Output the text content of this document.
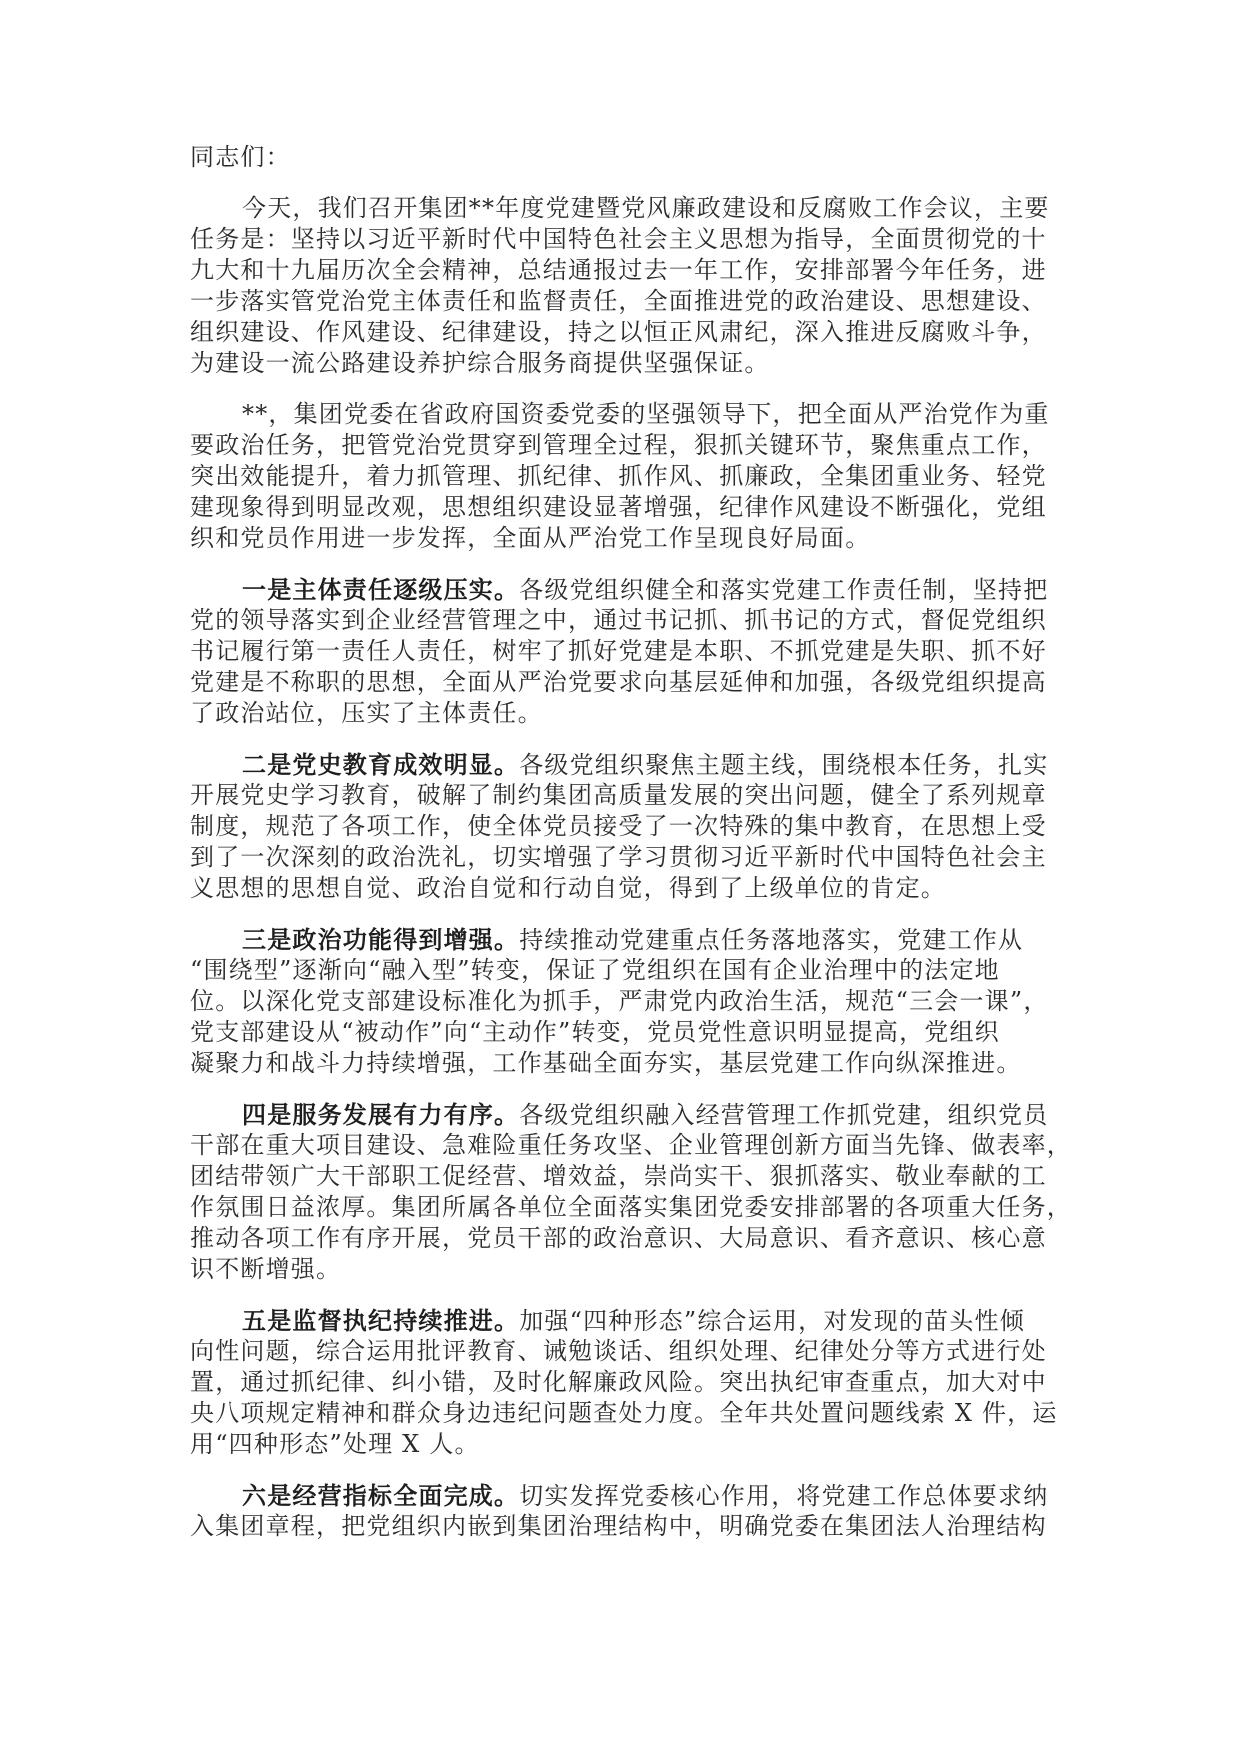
同志们：
今天，我们召开集团**年度党建暨党风廉政建设和反腐败工作会议，主要
任务是：坚持以习近平新时代中国特色社会主义思想为指导，全面贯彻党的十
九大和十九届历次全会精神，总结通报过去一年工作，安排部署今年任务，进
一步落实管党治党主体责任和监督责任，全面推进党的政治建设、思想建设、
组织建设、作风建设、纪律建设，持之以恒正风肃纪，深入推进反腐败斗争，
为建设一流公路建设养护综合服务商提供坚强保证。
**，集团党委在省政府国资委党委的坚强领导下，把全面从严治党作为重
要政治任务，把管党治党贯穿到管理全过程，狠抓关键环节，聚焦重点工作，
突出效能提升，着力抓管理、抓纪律、抓作风、抓廉政，全集团重业务、轻党
建现象得到明显改观，思想组织建设显著增强，纪律作风建设不断强化，党组
织和党员作用进一步发挥，全面从严治党工作呈现良好局面。
一是主体责任逐级压实。各级党组织健全和落实党建工作责任制，坚持把
党的领导落实到企业经营管理之中，通过书记抓、抓书记的方式，督促党组织
书记履行第一责任人责任，树牢了抓好党建是本职、不抓党建是失职、抓不好
党建是不称职的思想，全面从严治党要求向基层延伸和加强，各级党组织提高
了政治站位，压实了主体责任。
二是党史教育成效明显。各级党组织聚焦主题主线，围绕根本任务，扎实
开展党史学习教育，破解了制约集团高质量发展的突出问题，健全了系列规章
制度，规范了各项工作，使全体党员接受了一次特殊的集中教育，在思想上受
到了一次深刻的政治洗礼，切实增强了学习贯彻习近平新时代中国特色社会主
义思想的思想自觉、政治自觉和行动自觉，得到了上级单位的肯定。
三是政治功能得到增强。持续推动党建重点任务落地落实，党建工作从
“围绕型”逐渐向“融入型”转变，保证了党组织在国有企业治理中的法定地
位。以深化党支部建设标准化为抓手，严肃党内政治生活，规范“三会一课”，
党支部建设从“被动作”向“主动作”转变，党员党性意识明显提高，党组织
凝聚力和战斗力持续增强，工作基础全面夯实，基层党建工作向纵深推进。
四是服务发展有力有序。各级党组织融入经营管理工作抓党建，组织党员
干部在重大项目建设、急难险重任务攻坚、企业管理创新方面当先锋、做表率，
团结带领广大干部职工促经营、增效益，崇尚实干、狠抓落实、敬业奉献的工
作氛围日益浓厚。集团所属各单位全面落实集团党委安排部署的各项重大任务，
推动各项工作有序开展，党员干部的政治意识、大局意识、看齐意识、核心意
识不断增强。
五是监督执纪持续推进。加强“四种形态”综合运用，对发现的苗头性倾
向性问题，综合运用批评教育、诫勉谈话、组织处理、纪律处分等方式进行处
置，通过抓纪律、纠小错，及时化解廉政风险。突出执纪审查重点，加大对中
央八项规定精神和群众身边违纪问题查处力度。全年共处置问题线索 X 件，运
用“四种形态”处理 X 人。
六是经营指标全面完成。切实发挥党委核心作用，将党建工作总体要求纳
入集团章程，把党组织内嵌到集团治理结构中，明确党委在集团法人治理结构
